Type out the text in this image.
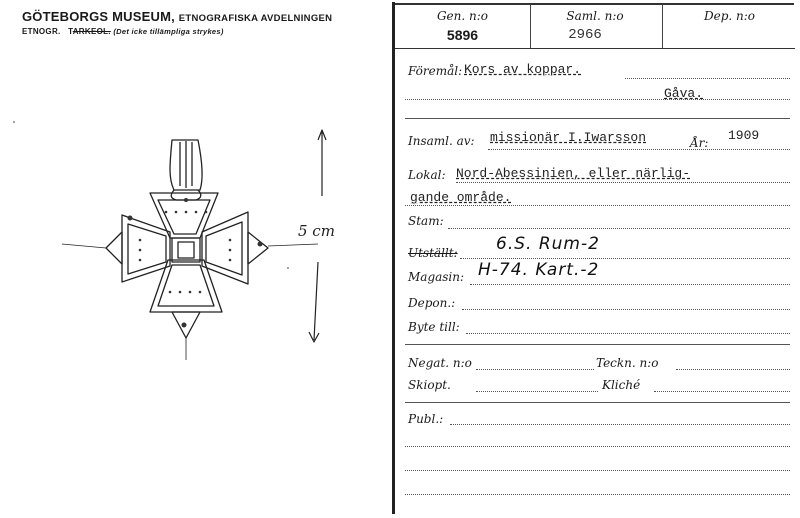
GÖTEBORGS MUSEUM, ETNOGRAFISKA AVDELNINGEN
ETNOGR. TARKEOL. (Det icke tillämpliga strykes)
5 cm
Gen. n:o
5896
Saml. n:o
2966
Dep. n:o
Föremål: Kors av koppar.
Gåva.
Insaml. av: missionär I.Iwarsson	År: 1909
Lokal: Nord-Abessinien, eller närlig-
gande område.
Stam:
Utställt: 6.S. Rum-2
Magasin: H-74. Kart.-2
Depon.:
Byte till:
Negat. n:o	Teckn. n:o
Skiopt.	Kliché
Publ.:
